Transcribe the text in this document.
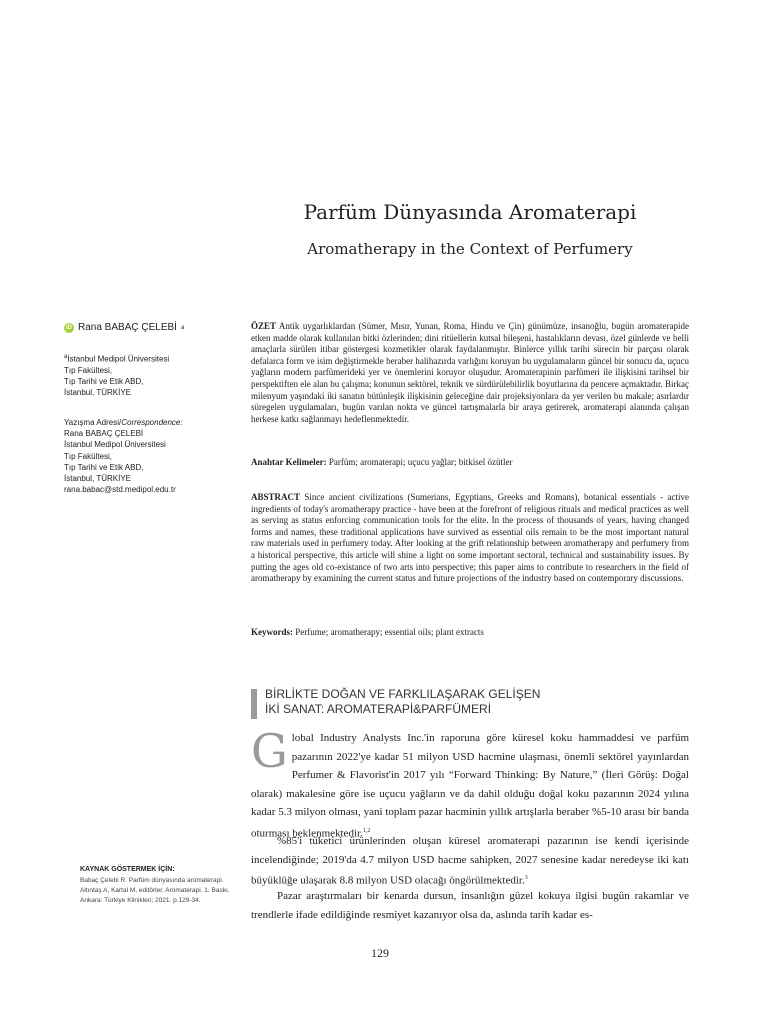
Parfüm Dünyasında Aromaterapi
Aromatherapy in the Context of Perfumery
iD Rana BABAÇ ÇELEBİ a
$^a$İstanbul Medipol Üniversitesi
Tıp Fakültesi,
Tıp Tarihi ve Etik ABD,
İstanbul, TÜRKİYE
Yazışma Adresi/Correspondence:
Rana BABAÇ ÇELEBİ
İstanbul Medipol Üniversitesi
Tıp Fakültesi,
Tıp Tarihi ve Etik ABD,
İstanbul, TÜRKİYE
rana.babac@std.medipol.edu.tr
ÖZET Antik uygarlıklardan (Sümer, Mısır, Yunan, Roma, Hindu ve Çin) günümüze, insanoğlu, bugün aromaterapide etken madde olarak kullanılan bitki özlerinden; dini ritüellerin kutsal bileşeni, hastalıkların devası, özel günlerde ve belli amaçlarla sürülen itibar göstergesi kozmetikler olarak faydalanmıştır. Binlerce yıllık tarihi sürecin bir parçası olarak defalarca form ve isim değiştirmekle beraber halihazırda varlığını koruyan bu uygulamaların güncel bir sonucu da, uçucu yağların modern parfümerideki yer ve önemlerini koruyor oluşudur. Aromaterapinin parfümeri ile ilişkisini tarihsel bir perspektiften ele alan bu çalışma; konunun sektörel, teknik ve sürdürülebilirlik boyutlarına da pencere açmaktadır. Birkaç milenyum yaşındaki iki sanatın bütünleşik ilişkisinin geleceğine dair projeksiyonlara da yer verilen bu makale; asırlardır süregelen uygulamaları, bugün varılan nokta ve güncel tartışmalarla bir araya getirerek, aromaterapi alanında çalışan herkese katkı sağlanmayı hedeflenmektedir.
Anahtar Kelimeler: Parfüm; aromaterapi; uçucu yağlar; bitkisel özütler
ABSTRACT Since ancient civilizations (Sumerians, Egyptians, Greeks and Romans), botanical essentials - active ingredients of today's aromatherapy practice - have been at the forefront of religious rituals and medical practices as well as serving as status enforcing communication tools for the elite. In the process of thousands of years, having changed forms and names, these traditional applications have survived as essential oils remain to be the most important natural raw materials used in perfumery today. After looking at the grift relationship between aromatherapy and perfumery from a historical perspective, this article will shine a light on some important sectoral, technical and sustainability issues. By putting the ages old co-existance of two arts into perspective; this paper aims to contribute to researchers in the field of aromatherapy by examining the current status and future projections of the industry based on contemporary discussions.
Keywords: Perfume; aromatherapy; essential oils; plant extracts
BİRLİKTE DOĞAN VE FARKLILAŞARAK GELİŞEN
İKİ SANAT: AROMATERAPİ&PARFÜMERİ
Global Industry Analysts Inc.'in raporuna göre küresel koku hammaddesi ve parfüm pazarının 2022'ye kadar 51 milyon USD hacmine ulaşması, önemli sektörel yayınlardan Perfumer & Flavorist'in 2017 yılı “Forward Thinking: By Nature,” (İleri Görüş: Doğal olarak) makalesine göre ise uçucu yağların ve da dahil olduğu doğal koku pazarının 2024 yılına kadar 5.3 milyon olması, yani toplam pazar hacminin yıllık artışlarla beraber %5-10 arası bir banda oturması beklenmektedir.$^{1,2}$
%85'i tüketici ürünlerinden oluşan küresel aromaterapi pazarının ise kendi içerisinde incelendiğinde; 2019'da 4.7 milyon USD hacme sahipken, 2027 senesine kadar neredeyse iki katı büyüklüğe ulaşarak 8.8 milyon USD olacağı öngörülmektedir.$^3$
Pazar araştırmaları bir kenarda dursun, insanlığın güzel kokuya ilgisi bugün rakamlar ve trendlerle ifade edildiğinde resmiyet kazanıyor olsa da, aslında tarih kadar es-
KAYNAK GÖSTERMEK İÇİN:
Babaç Çelebi R. Parfüm dünyasında aromaterapi. Altıntaş A, Kartal M, editörler. Aromaterapi. 1. Baskı. Ankara: Türkiye Klinikleri; 2021. p.129-34.
129
